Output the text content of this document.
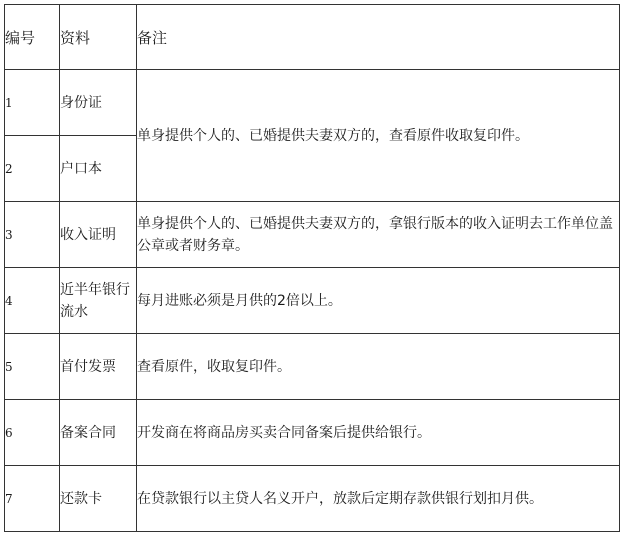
编号	资料	备注
1	身份证	单身提供个人的、已婚提供夫妻双方的，查看原件收取复印件。
2	户口本	
3	收入证明	单身提供个人的、已婚提供夫妻双方的，拿银行版本的收入证明去工作单位盖公章或者财务章。
4	近半年银行流水	每月进账必须是月供的2倍以上。
5	首付发票	查看原件，收取复印件。
6	备案合同	开发商在将商品房买卖合同备案后提供给银行。
7	还款卡	在贷款银行以主贷人名义开户，放款后定期存款供银行划扣月供。
